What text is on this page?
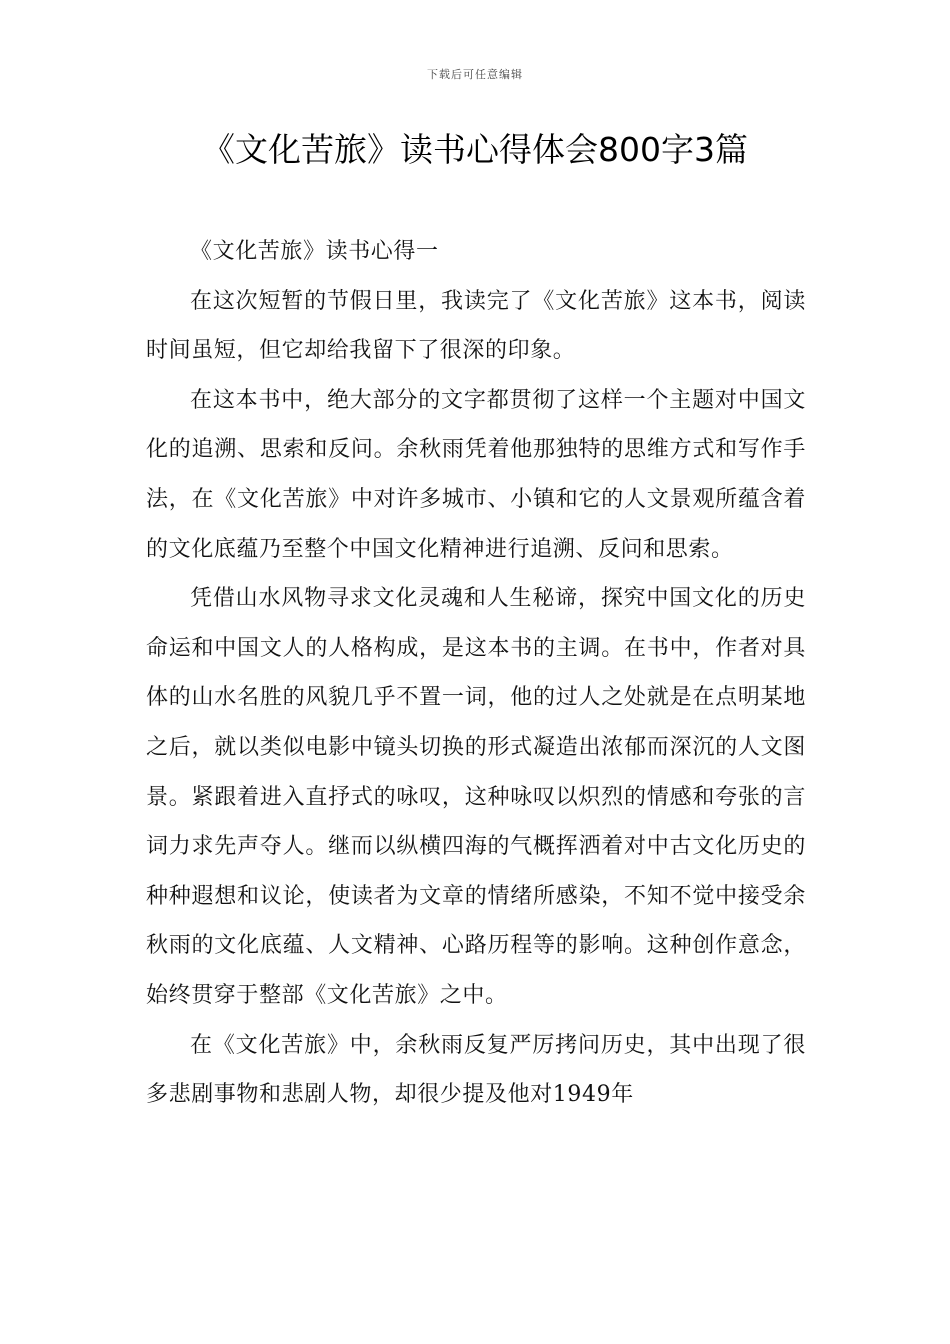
下载后可任意编辑
《文化苦旅》读书心得体会800字3篇

《文化苦旅》读书心得一

在这次短暂的节假日里，我读完了《文化苦旅》这本书，阅读时间虽短，但它却给我留下了很深的印象。

在这本书中，绝大部分的文字都贯彻了这样一个主题对中国文化的追溯、思索和反问。余秋雨凭着他那独特的思维方式和写作手法，在《文化苦旅》中对许多城市、小镇和它的人文景观所蕴含着的文化底蕴乃至整个中国文化精神进行追溯、反问和思索。

凭借山水风物寻求文化灵魂和人生秘谛，探究中国文化的历史命运和中国文人的人格构成，是这本书的主调。在书中，作者对具体的山水名胜的风貌几乎不置一词，他的过人之处就是在点明某地之后，就以类似电影中镜头切换的形式凝造出浓郁而深沉的人文图景。紧跟着进入直抒式的咏叹，这种咏叹以炽烈的情感和夸张的言词力求先声夺人。继而以纵横四海的气概挥洒着对中古文化历史的种种遐想和议论，使读者为文章的情绪所感染，不知不觉中接受余秋雨的文化底蕴、人文精神、心路历程等的影响。这种创作意念，始终贯穿于整部《文化苦旅》之中。

在《文化苦旅》中，余秋雨反复严厉拷问历史，其中出现了很多悲剧事物和悲剧人物，却很少提及他对1949年
